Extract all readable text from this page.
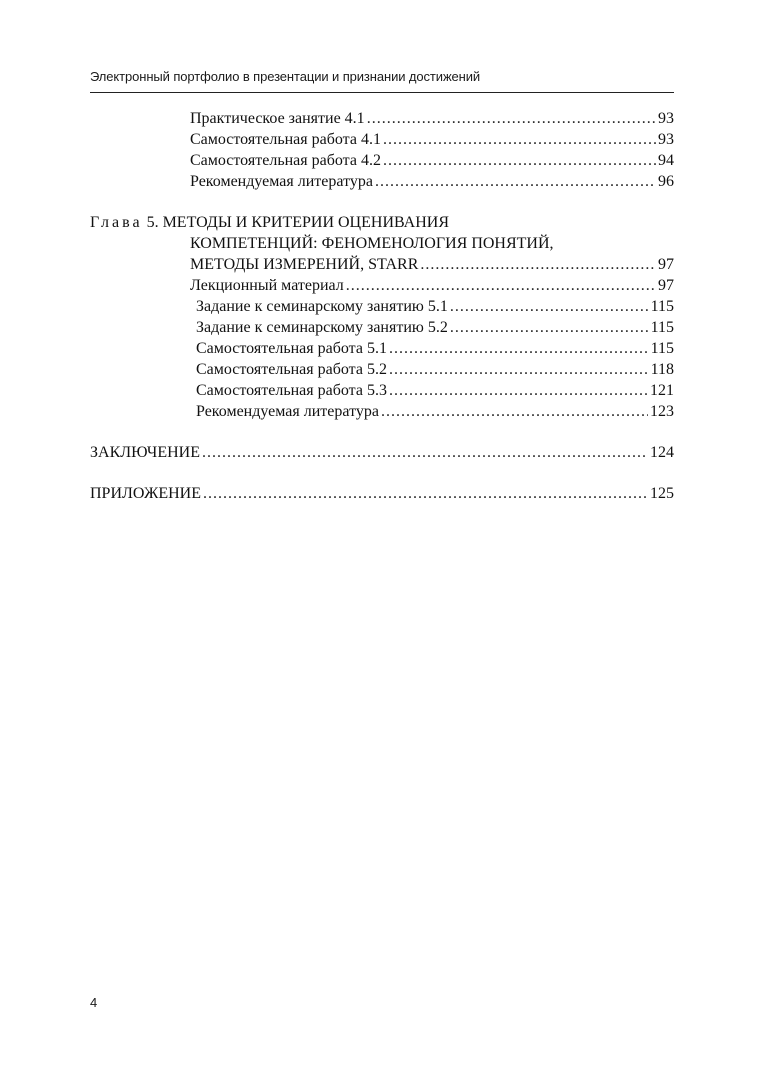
Электронный портфолио в презентации и признании достижений
Практическое занятие 4.1 .....	93
Самостоятельная работа 4.1 .....	93
Самостоятельная работа 4.2 .....	94
Рекомендуемая литература .....	96
Глава 5. МЕТОДЫ И КРИТЕРИИ ОЦЕНИВАНИЯ
КОМПЕТЕНЦИЙ: ФЕНОМЕНОЛОГИЯ ПОНЯТИЙ,
МЕТОДЫ ИЗМЕРЕНИЙ, STARR .....	97
Лекционный материал .....	97
Задание к семинарскому занятию 5.1 .....	115
Задание к семинарскому занятию 5.2 .....	115
Самостоятельная работа 5.1 .....	115
Самостоятельная работа 5.2 .....	118
Самостоятельная работа 5.3 .....	121
Рекомендуемая литература .....	123
ЗАКЛЮЧЕНИЕ .....	124
ПРИЛОЖЕНИЕ .....	125
4
